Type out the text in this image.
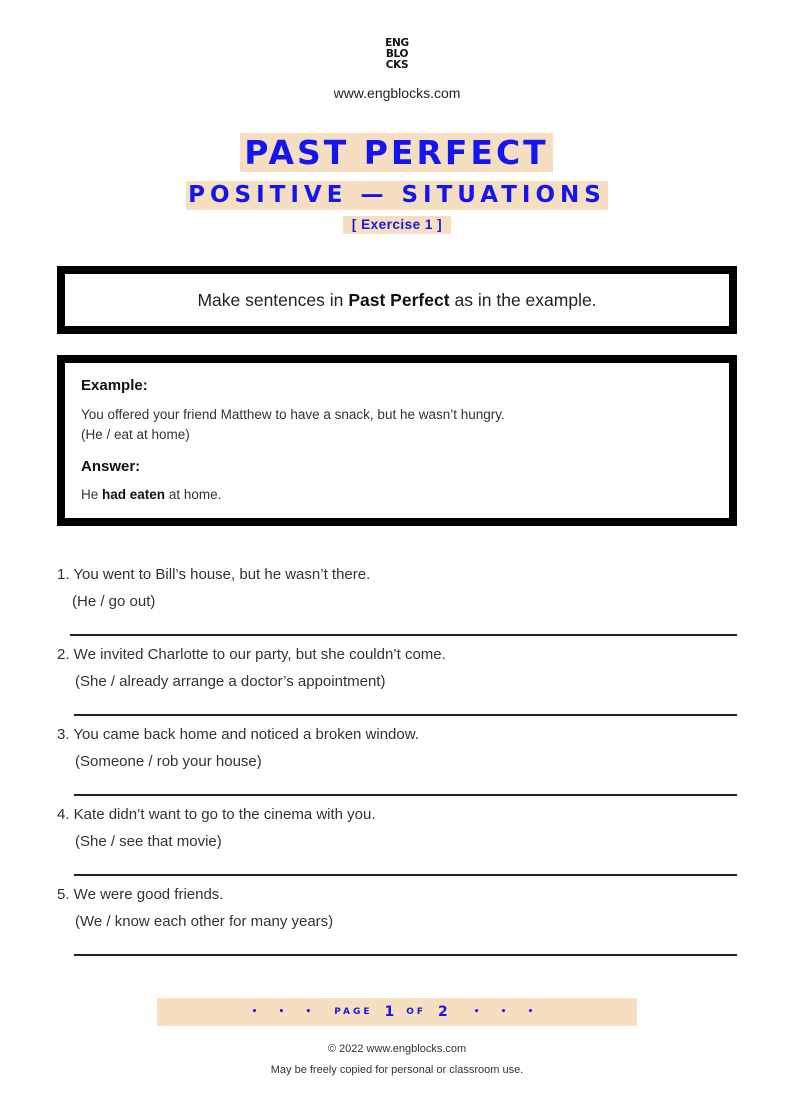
ENG
BLO
CKS
www.engblocks.com
PAST PERFECT
POSITIVE — SITUATIONS
[ Exercise 1 ]
Make sentences in Past Perfect as in the example.
Example:
You offered your friend Matthew to have a snack, but he wasn’t hungry.
(He / eat at home)
Answer:
He had eaten at home.
1. You went to Bill’s house, but he wasn’t there.
(He / go out)
2. We invited Charlotte to our party, but she couldn’t come.
(She / already arrange a doctor’s appointment)
3. You came back home and noticed a broken window.
(Someone / rob your house)
4. Kate didn’t want to go to the cinema with you.
(She / see that movie)
5. We were good friends.
(We / know each other for many years)
• • • PAGE 1 OF 2	• • •
© 2022 www.engblocks.com
May be freely copied for personal or classroom use.
